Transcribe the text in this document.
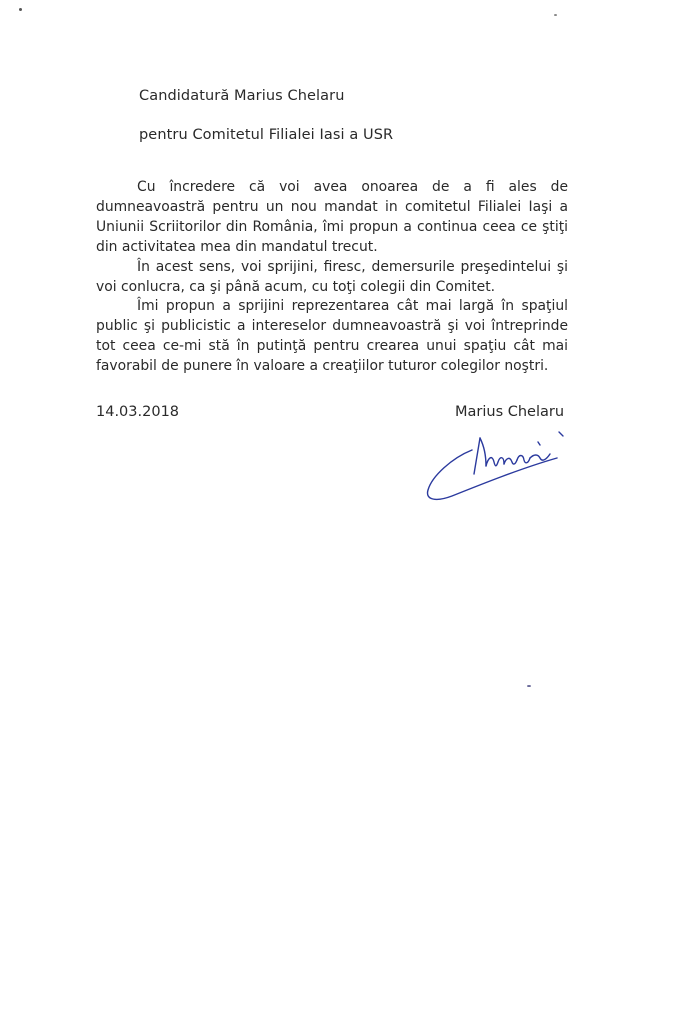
Candidatură Marius Chelaru
pentru Comitetul Filialei Iasi a USR

Cu încredere că voi avea onoarea de a fi ales de dumneavoastră pentru un nou mandat in comitetul Filialei Iaşi a Uniunii Scriitorilor din România, îmi propun a continua ceea ce ştiţi din activitatea mea din mandatul trecut.

În acest sens, voi sprijini, firesc, demersurile preşedintelui şi voi conlucra, ca şi până acum, cu toţi colegii din Comitet.

Îmi propun a sprijini reprezentarea cât mai largă în spaţiul public şi publicistic a intereselor dumneavoastră şi voi întreprinde tot ceea ce-mi stă în putinţă pentru crearea unui spaţiu cât mai favorabil de punere în valoare a creaţiilor tuturor colegilor noştri.

14.03.2018	Marius Chelaru
